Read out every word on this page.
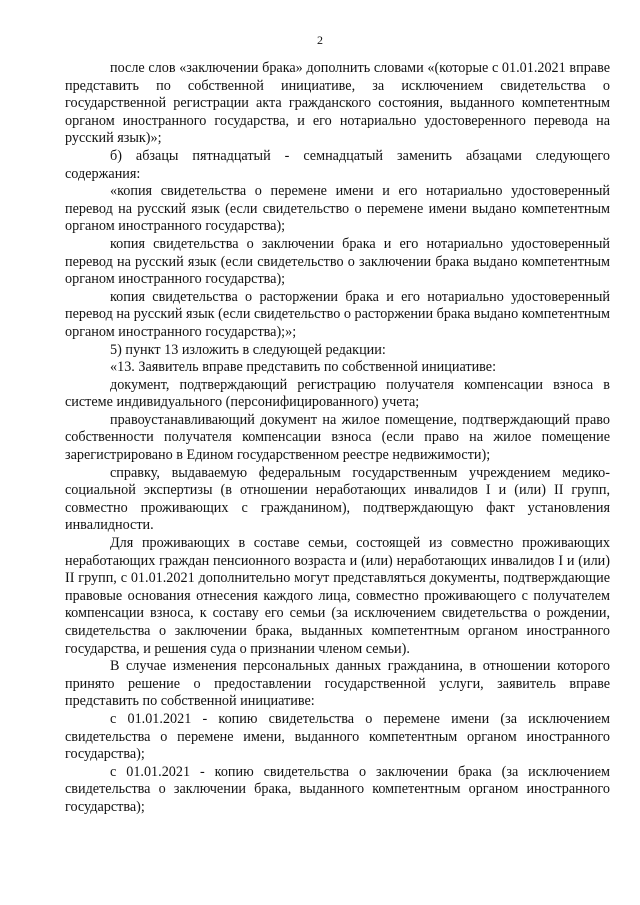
2

после слов «заключении брака» дополнить словами «(которые с 01.01.2021 вправе представить по собственной инициативе, за исключением свидетельства о государственной регистрации акта гражданского состояния, выданного компетентным органом иностранного государства, и его нотариально удостоверенного перевода на русский язык)»;

б) абзацы пятнадцатый - семнадцатый заменить абзацами следующего содержания:

«копия свидетельства о перемене имени и его нотариально удостоверенный перевод на русский язык (если свидетельство о перемене имени выдано компетентным органом иностранного государства);

копия свидетельства о заключении брака и его нотариально удостоверенный перевод на русский язык (если свидетельство о заключении брака выдано компетентным органом иностранного государства);

копия свидетельства о расторжении брака и его нотариально удостоверенный перевод на русский язык (если свидетельство о расторжении брака выдано компетентным органом иностранного государства);»;

5) пункт 13 изложить в следующей редакции:

«13. Заявитель вправе представить по собственной инициативе:

документ, подтверждающий регистрацию получателя компенсации взноса в системе индивидуального (персонифицированного) учета;

правоустанавливающий документ на жилое помещение, подтверждающий право собственности получателя компенсации взноса (если право на жилое помещение зарегистрировано в Едином государственном реестре недвижимости);

справку, выдаваемую федеральным государственным учреждением медико-социальной экспертизы (в отношении неработающих инвалидов I и (или) II групп, совместно проживающих с гражданином), подтверждающую факт установления инвалидности.

Для проживающих в составе семьи, состоящей из совместно проживающих неработающих граждан пенсионного возраста и (или) неработающих инвалидов I и (или) II групп, с 01.01.2021 дополнительно могут представляться документы, подтверждающие правовые основания отнесения каждого лица, совместно проживающего с получателем компенсации взноса, к составу его семьи (за исключением свидетельства о рождении, свидетельства о заключении брака, выданных компетентным органом иностранного государства, и решения суда о признании членом семьи).

В случае изменения персональных данных гражданина, в отношении которого принято решение о предоставлении государственной услуги, заявитель вправе представить по собственной инициативе:

с 01.01.2021 - копию свидетельства о перемене имени (за исключением свидетельства о перемене имени, выданного компетентным органом иностранного государства);

с 01.01.2021 - копию свидетельства о заключении брака (за исключением свидетельства о заключении брака, выданного компетентным органом иностранного государства);
